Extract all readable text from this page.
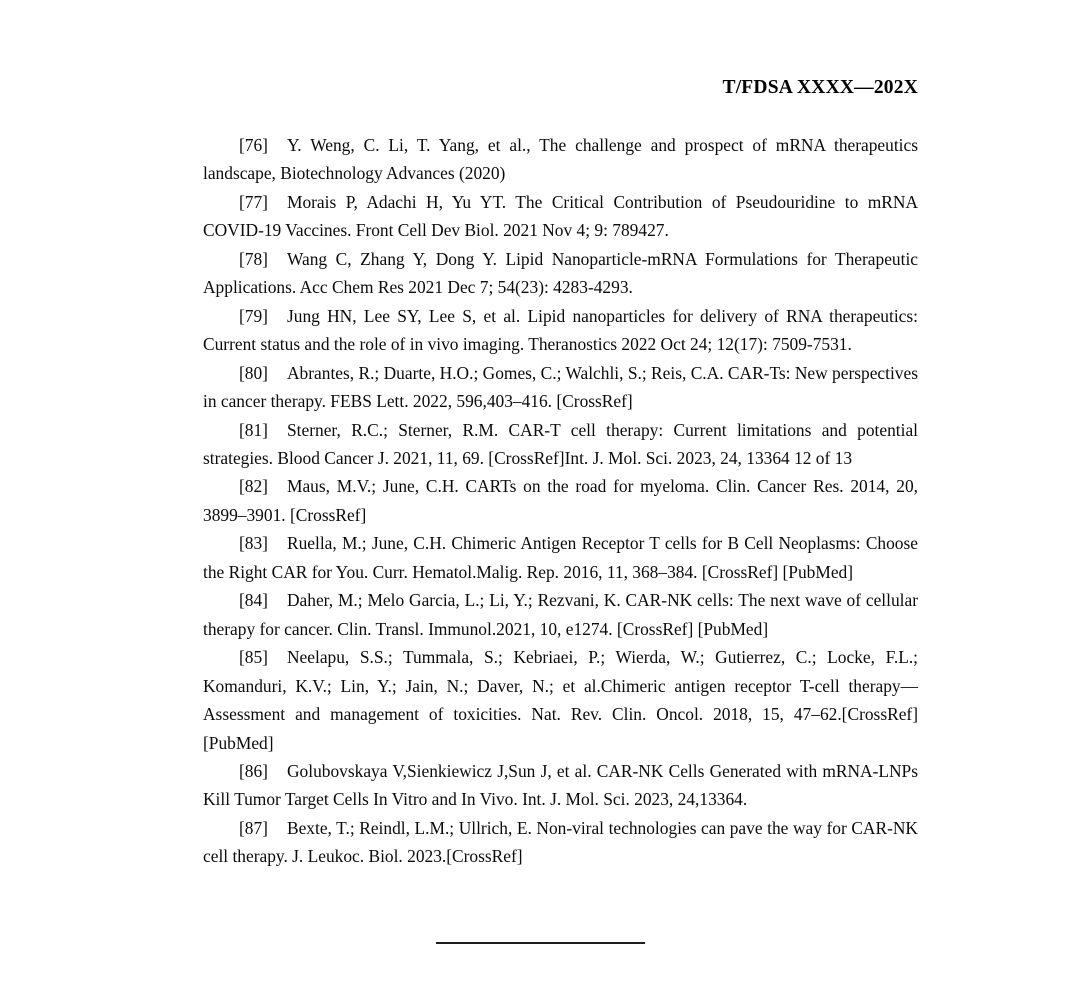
T/FDSA XXXX—202X

[76] Y. Weng, C. Li, T. Yang, et al., The challenge and prospect of mRNA therapeutics landscape, Biotechnology Advances (2020)

[77] Morais P, Adachi H, Yu YT. The Critical Contribution of Pseudouridine to mRNA COVID-19 Vaccines. Front Cell Dev Biol. 2021 Nov 4; 9: 789427.

[78] Wang C, Zhang Y, Dong Y. Lipid Nanoparticle-mRNA Formulations for Therapeutic Applications. Acc Chem Res 2021 Dec 7; 54(23): 4283-4293.

[79] Jung HN, Lee SY, Lee S, et al. Lipid nanoparticles for delivery of RNA therapeutics: Current status and the role of in vivo imaging. Theranostics 2022 Oct 24; 12(17): 7509-7531.

[80] Abrantes, R.; Duarte, H.O.; Gomes, C.; Walchli, S.; Reis, C.A. CAR-Ts: New perspectives in cancer therapy. FEBS Lett. 2022, 596,403–416. [CrossRef]

[81] Sterner, R.C.; Sterner, R.M. CAR-T cell therapy: Current limitations and potential strategies. Blood Cancer J. 2021, 11, 69. [CrossRef]Int. J. Mol. Sci. 2023, 24, 13364 12 of 13

[82] Maus, M.V.; June, C.H. CARTs on the road for myeloma. Clin. Cancer Res. 2014, 20, 3899–3901. [CrossRef]

[83] Ruella, M.; June, C.H. Chimeric Antigen Receptor T cells for B Cell Neoplasms: Choose the Right CAR for You. Curr. Hematol.Malig. Rep. 2016, 11, 368–384. [CrossRef] [PubMed]

[84] Daher, M.; Melo Garcia, L.; Li, Y.; Rezvani, K. CAR-NK cells: The next wave of cellular therapy for cancer. Clin. Transl. Immunol.2021, 10, e1274. [CrossRef] [PubMed]

[85] Neelapu, S.S.; Tummala, S.; Kebriaei, P.; Wierda, W.; Gutierrez, C.; Locke, F.L.; Komanduri, K.V.; Lin, Y.; Jain, N.; Daver, N.; et al.Chimeric antigen receptor T-cell therapy—Assessment and management of toxicities. Nat. Rev. Clin. Oncol. 2018, 15, 47–62.[CrossRef] [PubMed]

[86] Golubovskaya V,Sienkiewicz J,Sun J, et al. CAR-NK Cells Generated with mRNA-LNPs Kill Tumor Target Cells In Vitro and In Vivo. Int. J. Mol. Sci. 2023, 24,13364.

[87] Bexte, T.; Reindl, L.M.; Ullrich, E. Non-viral technologies can pave the way for CAR-NK cell therapy. J. Leukoc. Biol. 2023.[CrossRef]
